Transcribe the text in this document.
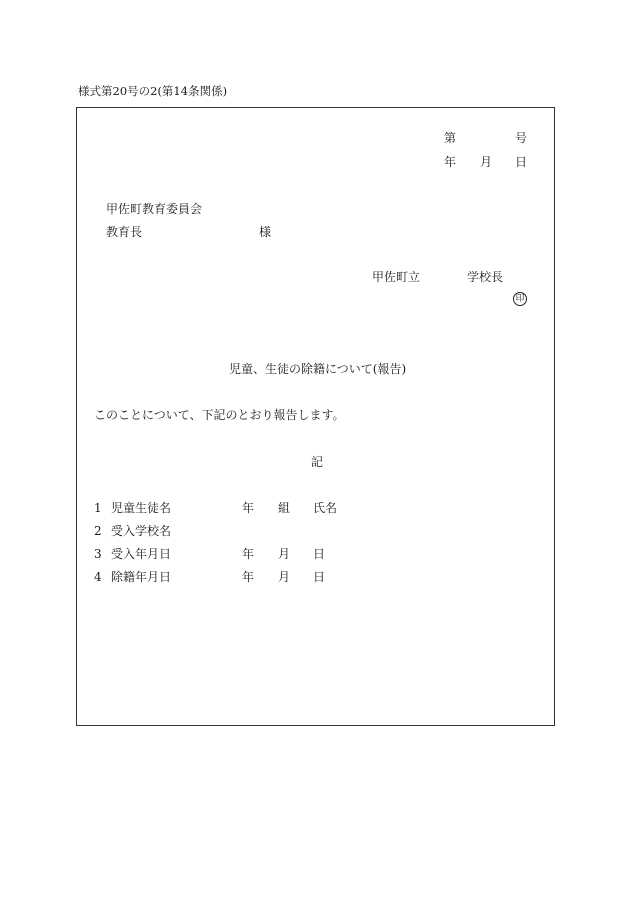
様式第20号の2(第14条関係)
第	号
年 月 日
甲佐町教育委員会
教育長	様
甲佐町立	学校長
印
児童、生徒の除籍について(報告)
このことについて、下記のとおり報告します。
記
1 児童生徒名	年 組 氏名
2 受入学校名
3 受入年月日	年 月 日
4 除籍年月日	年 月 日
